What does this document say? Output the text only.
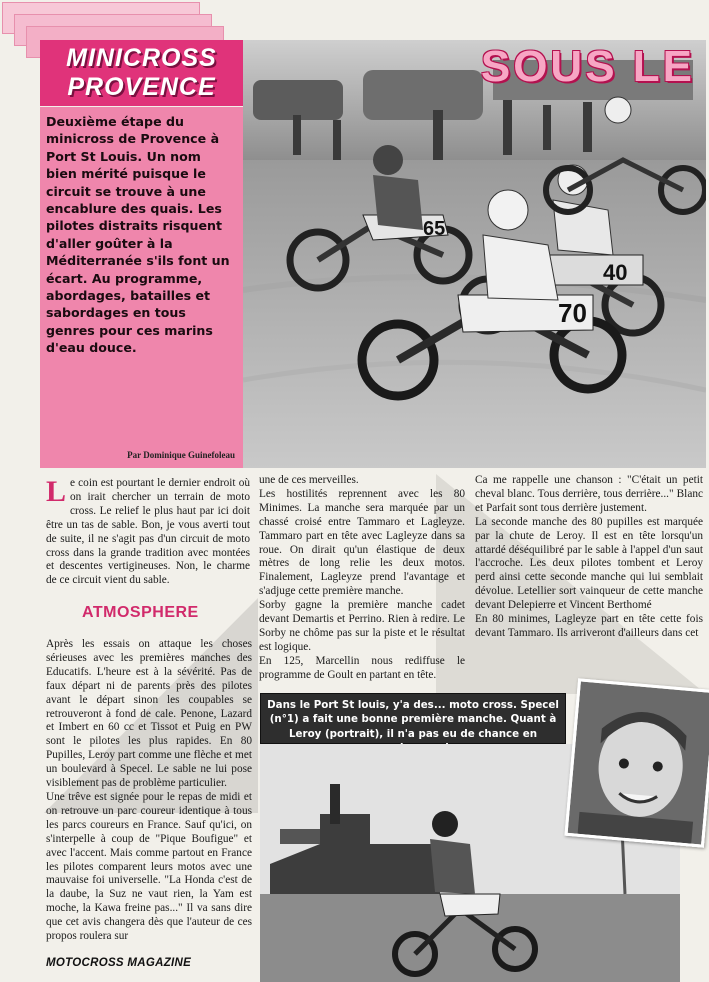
MINICROSS
PROVENCE

Deuxième étape du minicross de Provence à Port St Louis. Un nom bien mérité puisque le circuit se trouve à une encablure des quais. Les pilotes distraits risquent d'aller goûter à la Méditerranée s'ils font un écart. Au programme, abordages, batailles et sabordages en tous genres pour ces marins d'eau douce.

Par Dominique Guinefoleau
65
40
70
SOUS LE
L e coin est pourtant le dernier endroit où on irait chercher un terrain de moto cross. Le relief le plus haut par ici doit être un tas de sable. Bon, je vous averti tout de suite, il ne s'agit pas d'un circuit de moto cross dans la grande tradition avec montées et descentes vertigineuses. Non, le charme de ce circuit vient du sable.

ATMOSPHERE

Après les essais on attaque les choses sérieuses avec les premières manches des Educatifs. L'heure est à la sévérité. Pas de faux départ ni de parents près des pilotes avant le départ sinon les coupables se retrouveront à fond de cale. Penone, Lazard et Imbert en 60 cc et Tissot et Puig en PW sont le pilotes les plus rapides. En 80 Pupilles, Leroy part comme une flèche et met un boulevard à Specel. Le sable ne lui pose visiblement pas de problème particulier.

Une trêve est signée pour le repas de midi et on retrouve un parc coureur identique à tous les parcs coureurs en France. Sauf qu'ici, on s'interpelle à coup de "Pique Boufigue" et avec l'accent. Mais comme partout en France les pilotes comparent leurs motos avec une mauvaise foi universelle. "La Honda c'est de la daube, la Suz ne vaut rien, la Yam est moche, la Kawa freine pas..." Il va sans dire que cet avis changera dès que l'auteur de ces propos roulera sur

une de ces merveilles.

Les hostilités reprennent avec les 80 Minimes. La manche sera marquée par un chassé croisé entre Tammaro et Lagleyze. Tammaro part en tête avec Lagleyze dans sa roue. On dirait qu'un élastique de deux mètres de long relie les deux motos. Finalement, Lagleyze prend l'avantage et s'adjuge cette première manche.

Sorby gagne la première manche cadet devant Demartis et Perrino. Rien à redire. Le Sorby ne chôme pas sur la piste et le résultat est logique.

En 125, Marcellin nous rediffuse le programme de Goult en partant en tête.

Ca me rappelle une chanson : "C'était un petit cheval blanc. Tous derrière, tous derrière..." Blanc et Parfait sont tous derrière justement.

La seconde manche des 80 pupilles est marquée par la chute de Leroy. Il est en tête lorsqu'un attardé déséquilibré par le sable à l'appel d'un saut l'accroche. Les deux pilotes tombent et Leroy perd ainsi cette seconde manche qui lui semblait dévolue. Letellier sort vainqueur de cette manche devant Delepierre et Vincent Berthomé

En 80 minimes, Lagleyze part en tête cette fois devant Tammaro. Ils arriveront d'ailleurs dans cet

Dans le Port St louis, y'a des... moto cross. Specel (n°1) a fait une bonne première manche. Quant à Leroy (portrait), il n'a pas eu de chance en

MOTOCROSS MAGAZINE
